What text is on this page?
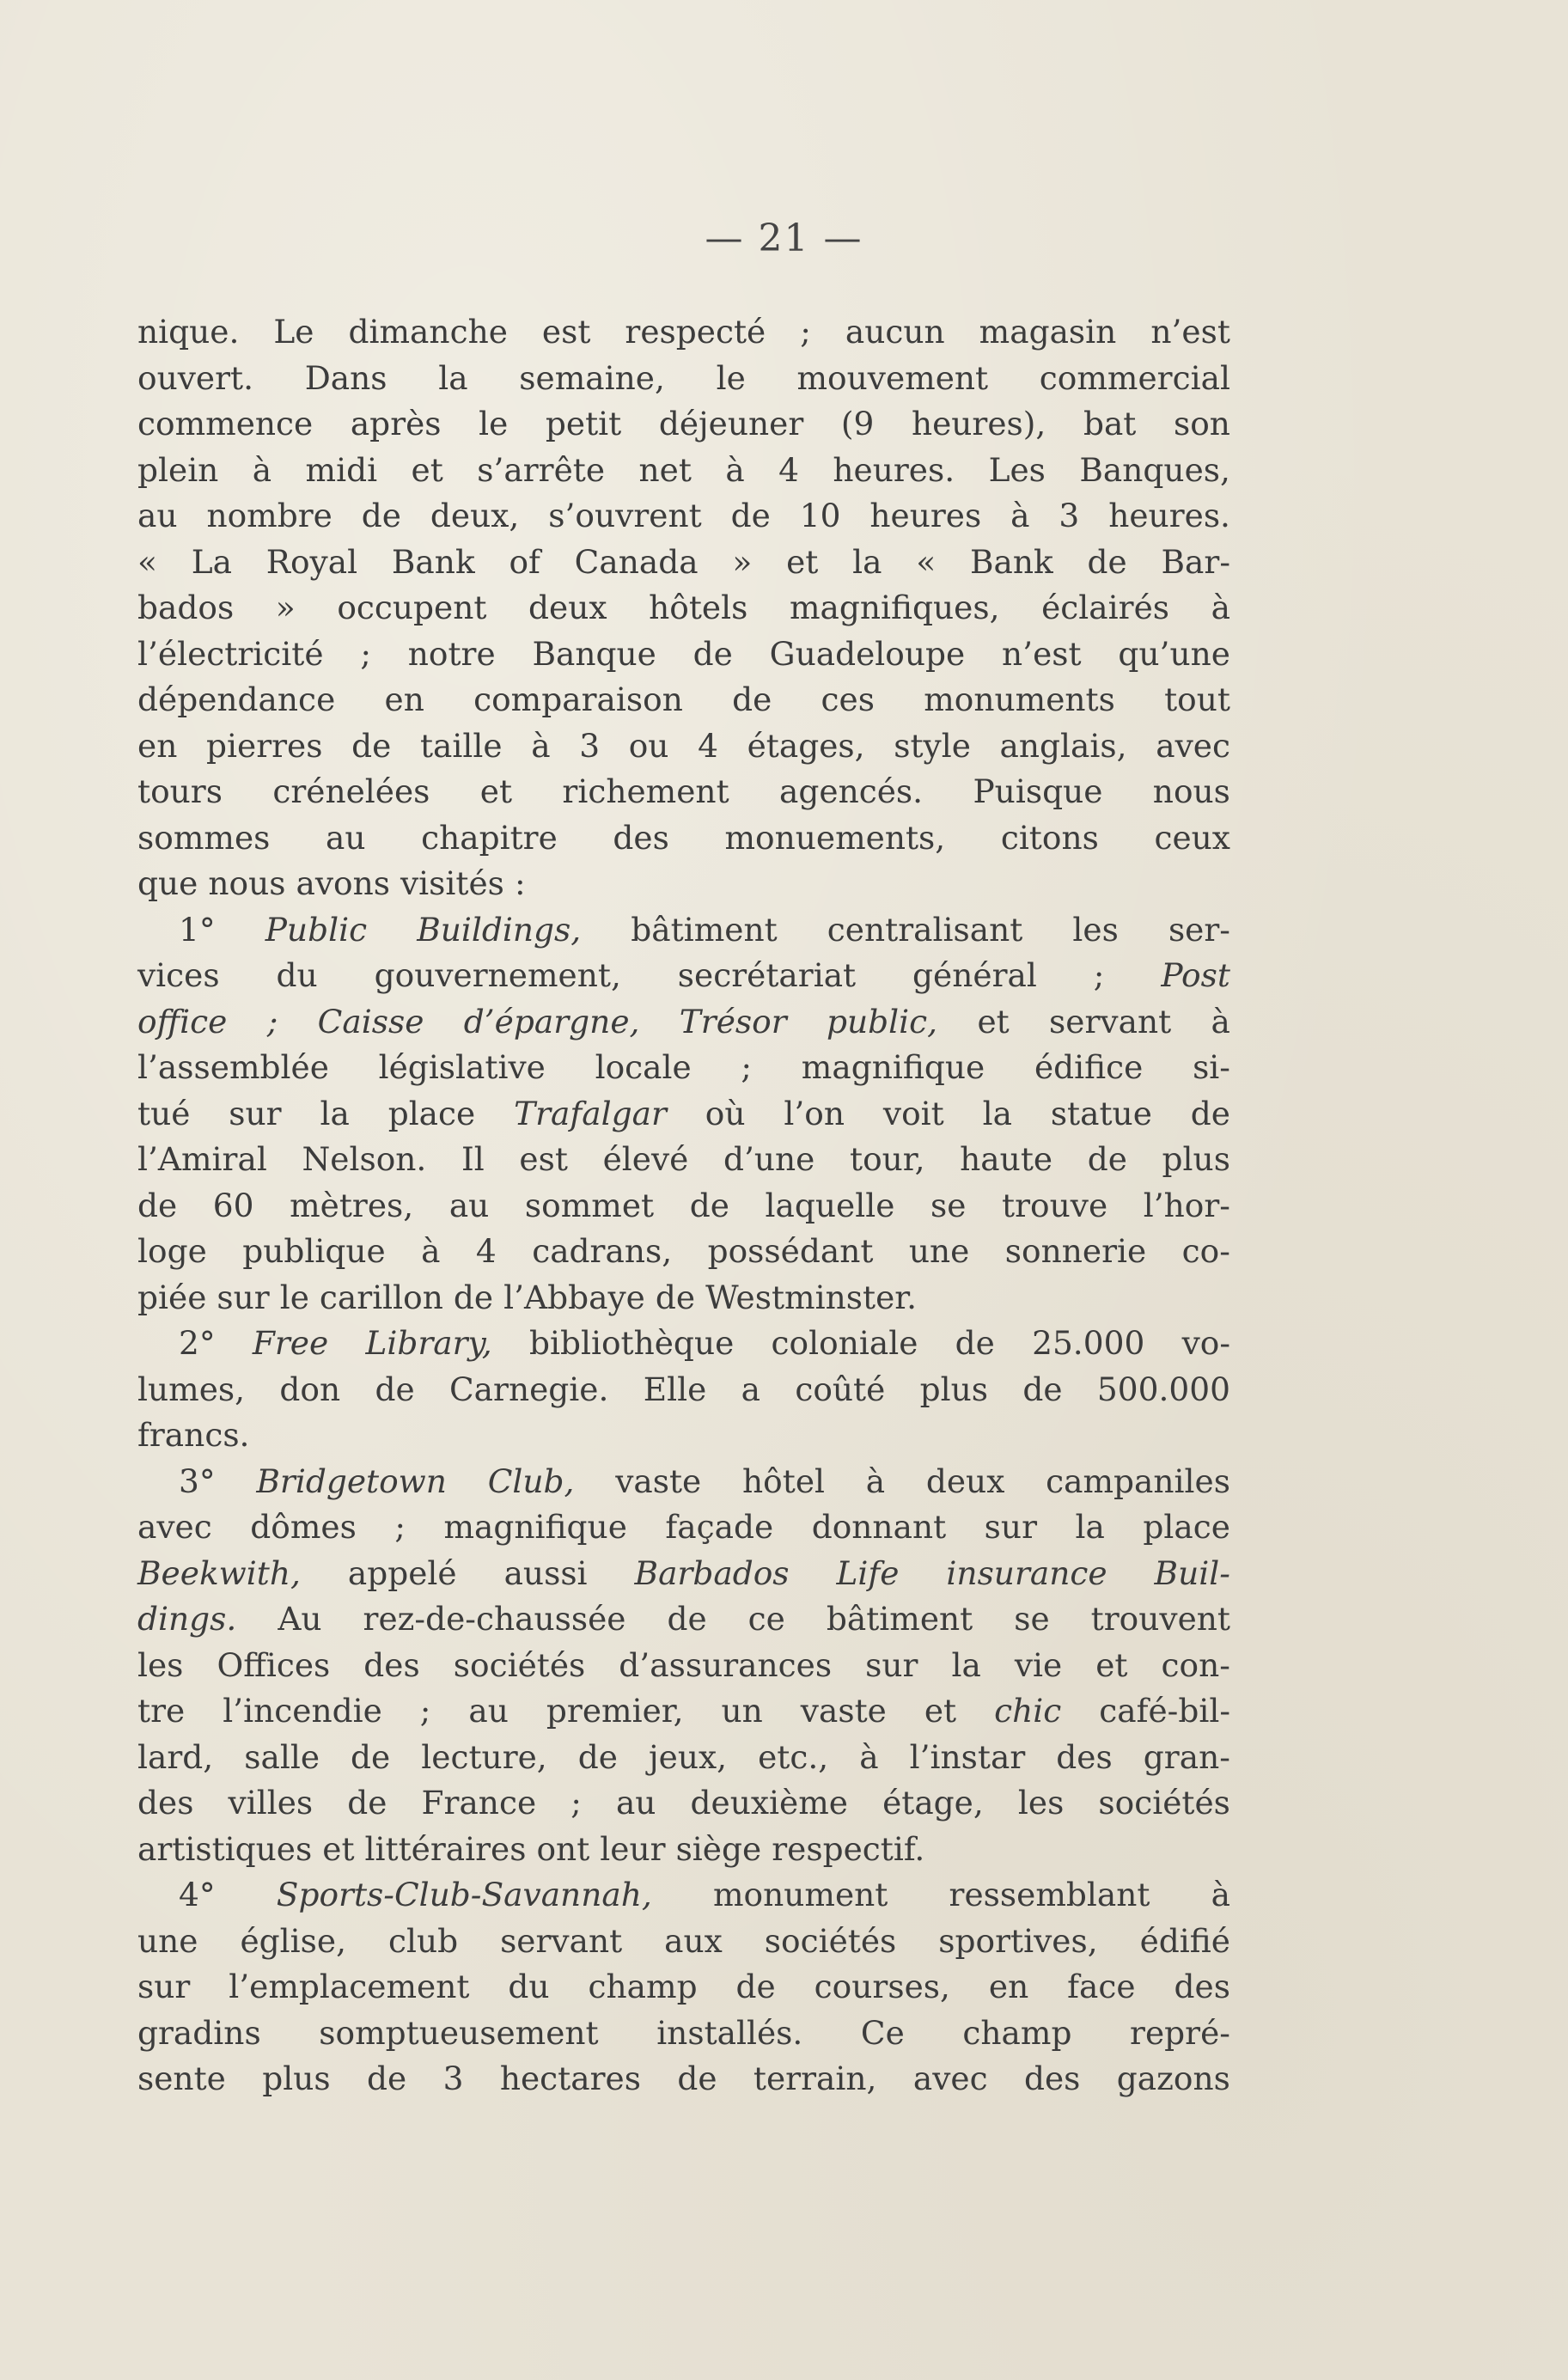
— 21 —
nique. Le dimanche est respecté ; aucun magasin n’est
ouvert. Dans la semaine, le mouvement commercial
commence après le petit déjeuner (9 heures), bat son
plein à midi et s’arrête net à 4 heures. Les Banques,
au nombre de deux, s’ouvrent de 10 heures à 3 heures.
« La Royal Bank of Canada » et la « Bank de Bar-
bados » occupent deux hôtels magnifiques, éclairés à
l’électricité ; notre Banque de Guadeloupe n’est qu’une
dépendance en comparaison de ces monuments tout
en pierres de taille à 3 ou 4 étages, style anglais, avec
tours crénelées et richement agencés. Puisque nous
sommes au chapitre des monuements, citons ceux
que nous avons visités :
1° Public Buildings, bâtiment centralisant les ser-
vices du gouvernement, secrétariat général ; Post
office ; Caisse d’épargne, Trésor public, et servant à
l’assemblée législative locale ; magnifique édifice si-
tué sur la place Trafalgar où l’on voit la statue de
l’Amiral Nelson. Il est élevé d’une tour, haute de plus
de 60 mètres, au sommet de laquelle se trouve l’hor-
loge publique à 4 cadrans, possédant une sonnerie co-
piée sur le carillon de l’Abbaye de Westminster.
2° Free Library, bibliothèque coloniale de 25.000 vo-
lumes, don de Carnegie. Elle a coûté plus de 500.000
francs.
3° Bridgetown Club, vaste hôtel à deux campaniles
avec dômes ; magnifique façade donnant sur la place
Beekwith, appelé aussi Barbados Life insurance Buil-
dings. Au rez-de-chaussée de ce bâtiment se trouvent
les Offices des sociétés d’assurances sur la vie et con-
tre l’incendie ; au premier, un vaste et chic café-bil-
lard, salle de lecture, de jeux, etc., à l’instar des gran-
des villes de France ; au deuxième étage, les sociétés
artistiques et littéraires ont leur siège respectif.
4° Sports-Club-Savannah, monument ressemblant à
une église, club servant aux sociétés sportives, édifié
sur l’emplacement du champ de courses, en face des
gradins somptueusement installés. Ce champ repré-
sente plus de 3 hectares de terrain, avec des gazons
